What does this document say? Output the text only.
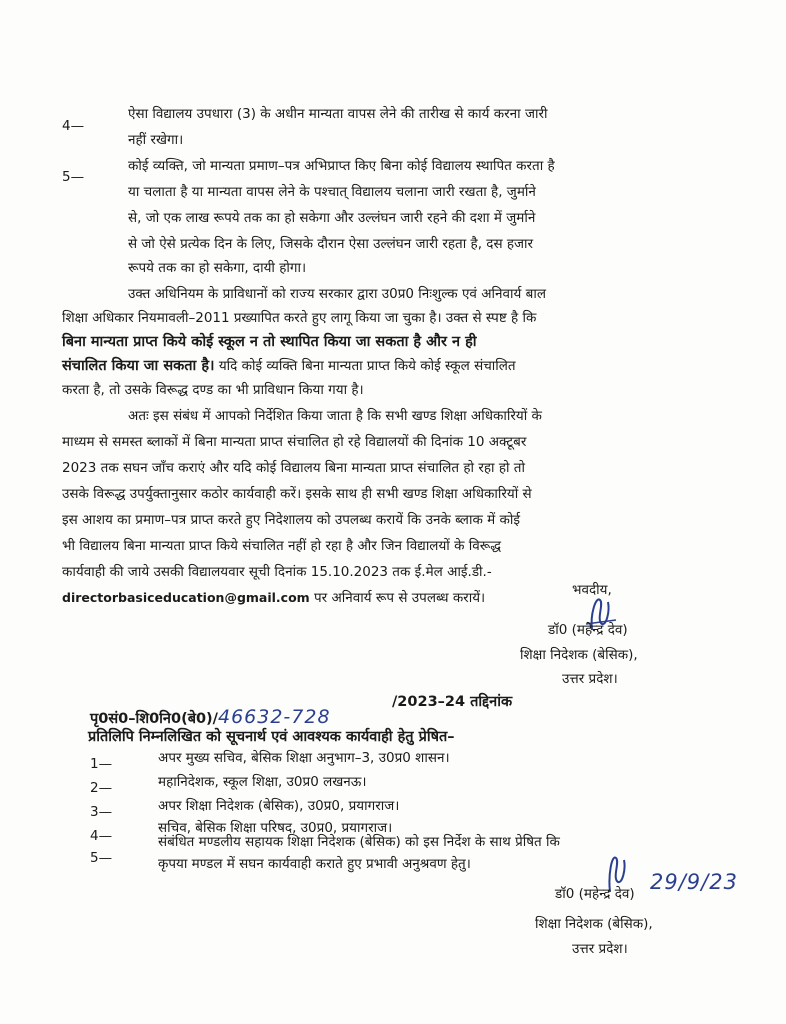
4—
ऐसा विद्यालय उपधारा (3) के अधीन मान्यता वापस लेने की तारीख से कार्य करना जारी
नहीं रखेगा।
5—
कोई व्यक्ति, जो मान्यता प्रमाण–पत्र अभिप्राप्त किए बिना कोई विद्यालय स्थापित करता है
या चलाता है या मान्यता वापस लेने के पश्चात् विद्यालय चलाना जारी रखता है, जुर्माने
से, जो एक लाख रूपये तक का हो सकेगा और उल्लंघन जारी रहने की दशा में जुर्माने
से जो ऐसे प्रत्येक दिन के लिए, जिसके दौरान ऐसा उल्लंघन जारी रहता है, दस हजार
रूपये तक का हो सकेगा, दायी होगा।
उक्त अधिनियम के प्राविधानों को राज्य सरकार द्वारा उ0प्र0 निःशुल्क एवं अनिवार्य बाल
शिक्षा अधिकार नियमावली–2011 प्रख्यापित करते हुए लागू किया जा चुका है। उक्त से स्पष्ट है कि
बिना मान्यता प्राप्त किये कोई स्कूल न तो स्थापित किया जा सकता है और न ही
संचालित किया जा सकता है। यदि कोई व्यक्ति बिना मान्यता प्राप्त किये कोई स्कूल संचालित
करता है, तो उसके विरूद्ध दण्ड का भी प्राविधान किया गया है।
अतः इस संबंध में आपको निर्देशित किया जाता है कि सभी खण्ड शिक्षा अधिकारियों के
माध्यम से समस्त ब्लाकों में बिना मान्यता प्राप्त संचालित हो रहे विद्यालयों की दिनांक 10 अक्टूबर
2023 तक सघन जाँच कराएं और यदि कोई विद्यालय बिना मान्यता प्राप्त संचालित हो रहा हो तो
उसके विरूद्ध उपर्युक्तानुसार कठोर कार्यवाही करें। इसके साथ ही सभी खण्ड शिक्षा अधिकारियों से
इस आशय का प्रमाण–पत्र प्राप्त करते हुए निदेशालय को उपलब्ध करायें कि उनके ब्लाक में कोई
भी विद्यालय बिना मान्यता प्राप्त किये संचालित नहीं हो रहा है और जिन विद्यालयों के विरूद्ध
कार्यवाही की जाये उसकी विद्यालयवार सूची दिनांक 15.10.2023 तक ई.मेल आई.डी.-
directorbasiceducation@gmail.com पर अनिवार्य रूप से उपलब्ध करायें।	भवदीय,
डॉ0 (महेन्द्र देव)
शिक्षा निदेशक (बेसिक),
उत्तर प्रदेश।
पृ0सं0–शि0नि0(बे0)/46632-728
/2023–24 तद्दिनांक
प्रतिलिपि निम्नलिखित को सूचनार्थ एवं आवश्यक कार्यवाही हेतु प्रेषित–
1—	अपर मुख्य सचिव, बेसिक शिक्षा अनुभाग–3, उ0प्र0 शासन।
2—	महानिदेशक, स्कूल शिक्षा, उ0प्र0 लखनऊ।
3—	अपर शिक्षा निदेशक (बेसिक), उ0प्र0, प्रयागराज।
4—	सचिव, बेसिक शिक्षा परिषद, उ0प्र0, प्रयागराज।
5—
संबंधित मण्डलीय सहायक शिक्षा निदेशक (बेसिक) को इस निर्देश के साथ प्रेषित कि
कृपया मण्डल में सघन कार्यवाही कराते हुए प्रभावी अनुश्रवण हेतु।
डॉ0 (महेन्द्र देव) 29/9/23
शिक्षा निदेशक (बेसिक),
उत्तर प्रदेश।
